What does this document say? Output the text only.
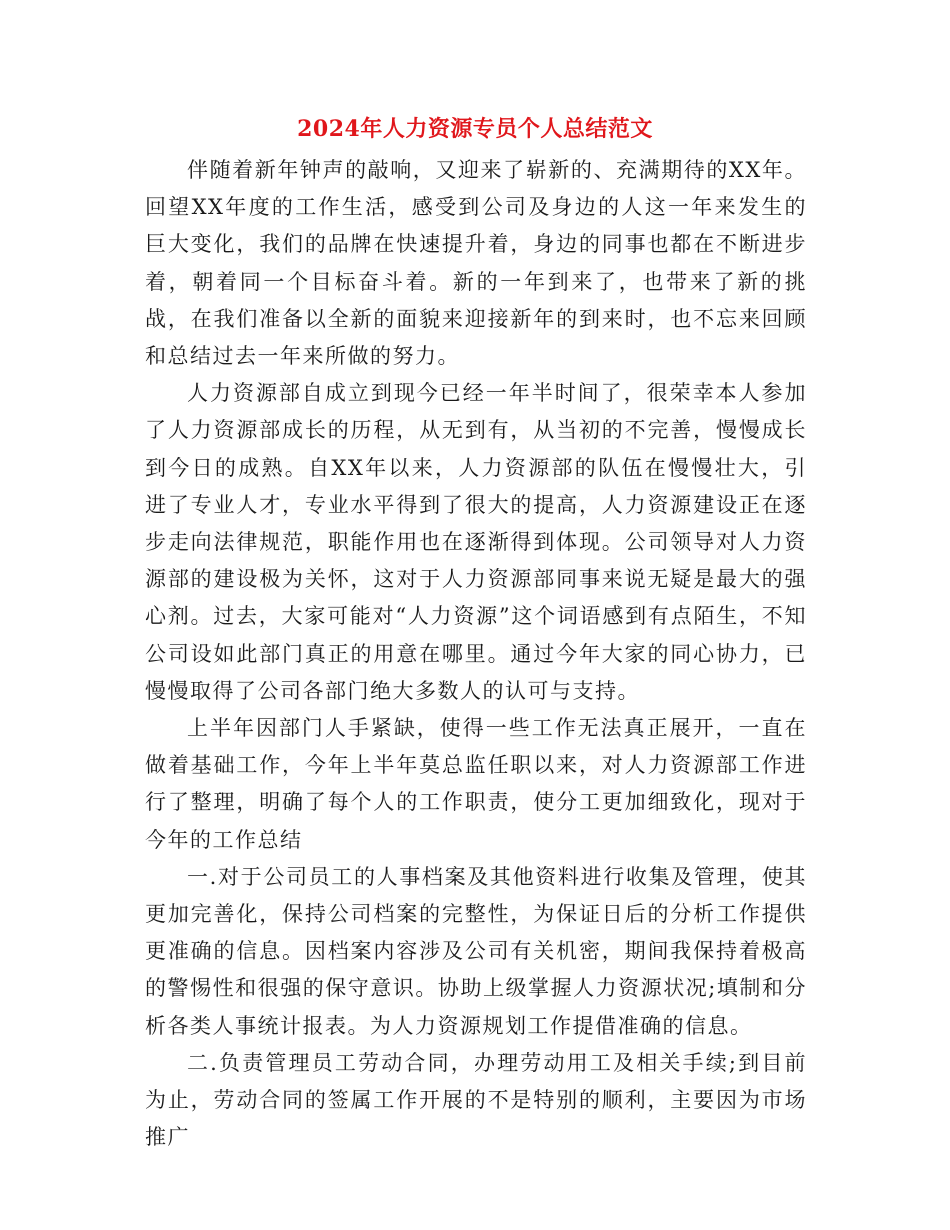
2024年人力资源专员个人总结范文

伴随着新年钟声的敲响，又迎来了崭新的、充满期待的XX年。回望XX年度的工作生活，感受到公司及身边的人这一年来发生的巨大变化，我们的品牌在快速提升着，身边的同事也都在不断进步着，朝着同一个目标奋斗着。新的一年到来了，也带来了新的挑战，在我们准备以全新的面貌来迎接新年的到来时，也不忘来回顾和总结过去一年来所做的努力。

人力资源部自成立到现今已经一年半时间了，很荣幸本人参加了人力资源部成长的历程，从无到有，从当初的不完善，慢慢成长到今日的成熟。自XX年以来，人力资源部的队伍在慢慢壮大，引进了专业人才，专业水平得到了很大的提高，人力资源建设正在逐步走向法律规范，职能作用也在逐渐得到体现。公司领导对人力资源部的建设极为关怀，这对于人力资源部同事来说无疑是最大的强心剂。过去，大家可能对“人力资源”这个词语感到有点陌生，不知公司设如此部门真正的用意在哪里。通过今年大家的同心协力，已慢慢取得了公司各部门绝大多数人的认可与支持。

上半年因部门人手紧缺，使得一些工作无法真正展开，一直在做着基础工作，今年上半年莫总监任职以来，对人力资源部工作进行了整理，明确了每个人的工作职责，使分工更加细致化，现对于今年的工作总结

一.对于公司员工的人事档案及其他资料进行收集及管理，使其更加完善化，保持公司档案的完整性，为保证日后的分析工作提供更准确的信息。因档案内容涉及公司有关机密，期间我保持着极高的警惕性和很强的保守意识。协助上级掌握人力资源状况;填制和分析各类人事统计报表。为人力资源规划工作提借准确的信息。

二.负责管理员工劳动合同，办理劳动用工及相关手续;到目前为止，劳动合同的签属工作开展的不是特别的顺利，主要因为市场推广
